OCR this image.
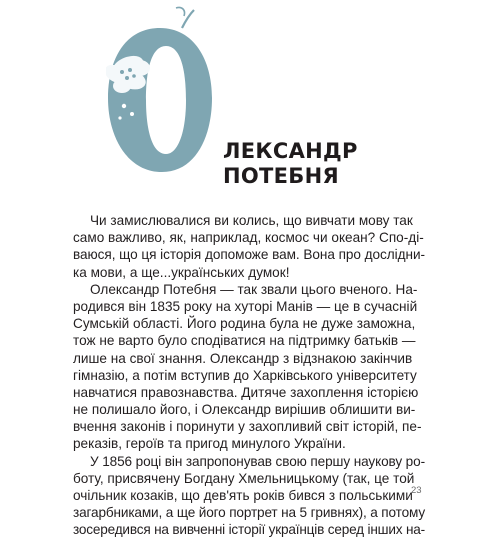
ЛЕКСАНДР
ПОТЕБНЯ
Чи замислювалися ви колись, що вивчати мову так
само важливо, як, наприклад, космос чи океан? Спо-ді-
ваюся, що ця історія допоможе вам. Вона про дослідни-
ка мови, а ще...українських думок!
Олександр Потебня — так звали цього вченого. На-
родився він 1835 року на хуторі Манів — це в сучасній
Сумській області. Його родина була не дуже заможна,
тож не варто було сподіватися на підтримку батьків —
лише на свої знання. Олександр з відзнакою закінчив
гімназію, а потім вступив до Харківського університету
навчатися правознавства. Дитяче захоплення історією
не полишало його, і Олександр вирішив облишити ви-
вчення законів і поринути у захопливий світ історій, пе-
реказів, героїв та пригод минулого України.
У 1856 році він запропонував свою першу наукову ро-
боту, присвячену Богдану Хмельницькому (так, це той
очільник козаків, що дев'ять років бився з польськими
загарбниками, а ще його портрет на 5 гривнях), а потому
зосередився на вивченні історії українців серед інших на-
23
